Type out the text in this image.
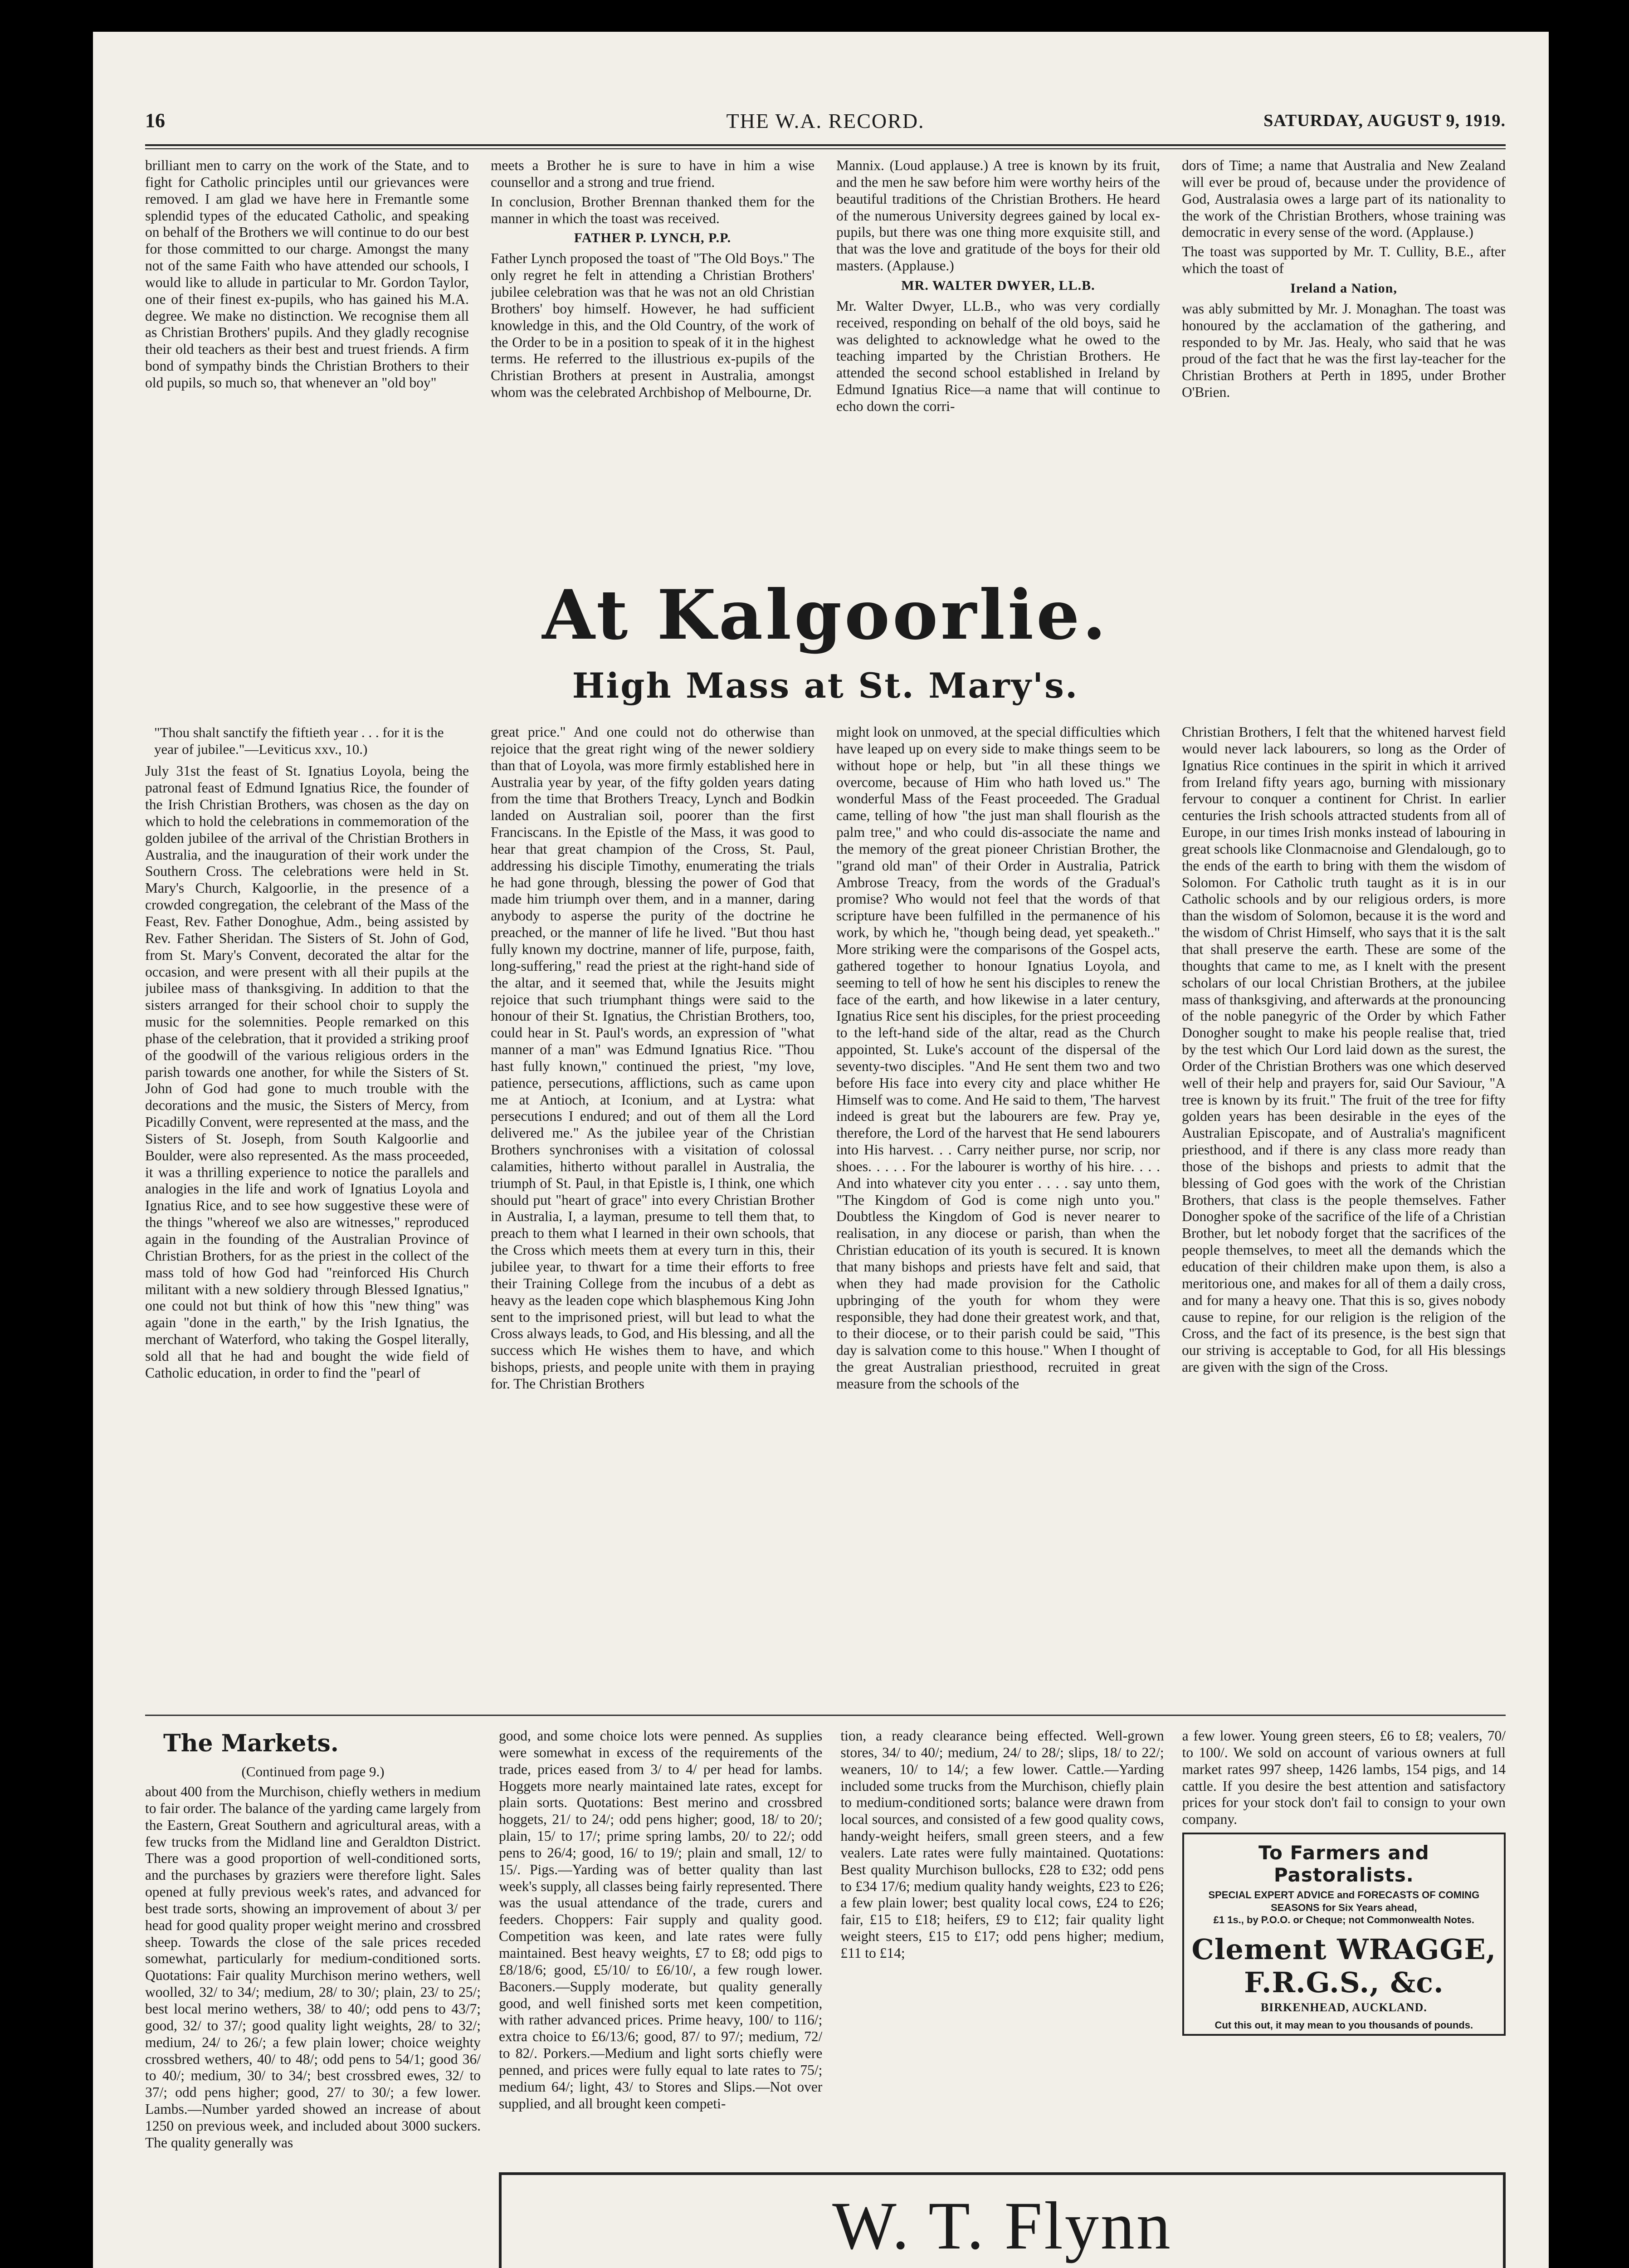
16	THE W.A. RECORD.	SATURDAY, AUGUST 9, 1919.

brilliant men to carry on the work of the State, and to fight for Catholic principles until our grievances were removed. I am glad we have here in Fremantle some splendid types of the educated Catholic, and speaking on behalf of the Brothers we will continue to do our best for those committed to our charge. Amongst the many not of the same Faith who have attended our schools, I would like to allude in particular to Mr. Gordon Taylor, one of their finest ex-pupils, who has gained his M.A. degree. We make no distinction. We recognise them all as Christian Brothers' pupils. And they gladly recognise their old teachers as their best and truest friends. A firm bond of sympathy binds the Christian Brothers to their old pupils, so much so, that whenever an "old boy"

meets a Brother he is sure to have in him a wise counsellor and a strong and true friend.

In conclusion, Brother Brennan thanked them for the manner in which the toast was received.

FATHER P. LYNCH, P.P.

Father Lynch proposed the toast of "The Old Boys." The only regret he felt in attending a Christian Brothers' jubilee celebration was that he was not an old Christian Brothers' boy himself. However, he had sufficient knowledge in this, and the Old Country, of the work of the Order to be in a position to speak of it in the highest terms. He referred to the illustrious ex-pupils of the Christian Brothers at present in Australia, amongst whom was the celebrated Archbishop of Melbourne, Dr.

Mannix. (Loud applause.) A tree is known by its fruit, and the men he saw before him were worthy heirs of the beautiful traditions of the Christian Brothers. He heard of the numerous University degrees gained by local ex-pupils, but there was one thing more exquisite still, and that was the love and gratitude of the boys for their old masters. (Applause.)

MR. WALTER DWYER, LL.B.

Mr. Walter Dwyer, LL.B., who was very cordially received, responding on behalf of the old boys, said he was delighted to acknowledge what he owed to the teaching imparted by the Christian Brothers. He attended the second school established in Ireland by Edmund Ignatius Rice—a name that will continue to echo down the corri-

dors of Time; a name that Australia and New Zealand will ever be proud of, because under the providence of God, Australasia owes a large part of its nationality to the work of the Christian Brothers, whose training was democratic in every sense of the word. (Applause.)

The toast was supported by Mr. T. Cullity, B.E., after which the toast of

Ireland a Nation,

was ably submitted by Mr. J. Monaghan. The toast was honoured by the acclamation of the gathering, and responded to by Mr. Jas. Healy, who said that he was proud of the fact that he was the first lay-teacher for the Christian Brothers at Perth in 1895, under Brother O'Brien.

At Kalgoorlie.
High Mass at St. Mary's.

"Thou shalt sanctify the fiftieth year . . . for it is the year of jubilee."—Leviticus xxv., 10.)

July 31st the feast of St. Ignatius Loyola, being the patronal feast of Edmund Ignatius Rice, the founder of the Irish Christian Brothers, was chosen as the day on which to hold the celebrations in commemoration of the golden jubilee of the arrival of the Christian Brothers in Australia, and the inauguration of their work under the Southern Cross. The celebrations were held in St. Mary's Church, Kalgoorlie, in the presence of a crowded congregation, the celebrant of the Mass of the Feast, Rev. Father Donoghue, Adm., being assisted by Rev. Father Sheridan. The Sisters of St. John of God, from St. Mary's Convent, decorated the altar for the occasion, and were present with all their pupils at the jubilee mass of thanksgiving. In addition to that the sisters arranged for their school choir to supply the music for the solemnities. People remarked on this phase of the celebration, that it provided a striking proof of the goodwill of the various religious orders in the parish towards one another, for while the Sisters of St. John of God had gone to much trouble with the decorations and the music, the Sisters of Mercy, from Picadilly Convent, were represented at the mass, and the Sisters of St. Joseph, from South Kalgoorlie and Boulder, were also represented. As the mass proceeded, it was a thrilling experience to notice the parallels and analogies in the life and work of Ignatius Loyola and Ignatius Rice, and to see how suggestive these were of the things "whereof we also are witnesses," reproduced again in the founding of the Australian Province of Christian Brothers, for as the priest in the collect of the mass told of how God had "reinforced His Church militant with a new soldiery through Blessed Ignatius," one could not but think of how this "new thing" was again "done in the earth," by the Irish Ignatius, the merchant of Waterford, who taking the Gospel literally, sold all that he had and bought the wide field of Catholic education, in order to find the "pearl of

great price." And one could not do otherwise than rejoice that the great right wing of the newer soldiery than that of Loyola, was more firmly established here in Australia year by year, of the fifty golden years dating from the time that Brothers Treacy, Lynch and Bodkin landed on Australian soil, poorer than the first Franciscans. In the Epistle of the Mass, it was good to hear that great champion of the Cross, St. Paul, addressing his disciple Timothy, enumerating the trials he had gone through, blessing the power of God that made him triumph over them, and in a manner, daring anybody to asperse the purity of the doctrine he preached, or the manner of life he lived. "But thou hast fully known my doctrine, manner of life, purpose, faith, long-suffering," read the priest at the right-hand side of the altar, and it seemed that, while the Jesuits might rejoice that such triumphant things were said to the honour of their St. Ignatius, the Christian Brothers, too, could hear in St. Paul's words, an expression of "what manner of a man" was Edmund Ignatius Rice. "Thou hast fully known," continued the priest, "my love, patience, persecutions, afflictions, such as came upon me at Antioch, at Iconium, and at Lystra: what persecutions I endured; and out of them all the Lord delivered me." As the jubilee year of the Christian Brothers synchronises with a visitation of colossal calamities, hitherto without parallel in Australia, the triumph of St. Paul, in that Epistle is, I think, one which should put "heart of grace" into every Christian Brother in Australia, I, a layman, presume to tell them that, to preach to them what I learned in their own schools, that the Cross which meets them at every turn in this, their jubilee year, to thwart for a time their efforts to free their Training College from the incubus of a debt as heavy as the leaden cope which blasphemous King John sent to the imprisoned priest, will but lead to what the Cross always leads, to God, and His blessing, and all the success which He wishes them to have, and which bishops, priests, and people unite with them in praying for. The Christian Brothers

might look on unmoved, at the special difficulties which have leaped up on every side to make things seem to be without hope or help, but "in all these things we overcome, because of Him who hath loved us." The wonderful Mass of the Feast proceeded. The Gradual came, telling of how "the just man shall flourish as the palm tree," and who could dis-associate the name and the memory of the great pioneer Christian Brother, the "grand old man" of their Order in Australia, Patrick Ambrose Treacy, from the words of the Gradual's promise? Who would not feel that the words of that scripture have been fulfilled in the permanence of his work, by which he, "though being dead, yet speaketh.." More striking were the comparisons of the Gospel acts, gathered together to honour Ignatius Loyola, and seeming to tell of how he sent his disciples to renew the face of the earth, and how likewise in a later century, Ignatius Rice sent his disciples, for the priest proceeding to the left-hand side of the altar, read as the Church appointed, St. Luke's account of the dispersal of the seventy-two disciples. "And He sent them two and two before His face into every city and place whither He Himself was to come. And He said to them, 'The harvest indeed is great but the labourers are few. Pray ye, therefore, the Lord of the harvest that He send labourers into His harvest. . . Carry neither purse, nor scrip, nor shoes. . . . . For the labourer is worthy of his hire. . . . And into whatever city you enter . . . . say unto them, "The Kingdom of God is come nigh unto you." Doubtless the Kingdom of God is never nearer to realisation, in any diocese or parish, than when the Christian education of its youth is secured. It is known that many bishops and priests have felt and said, that when they had made provision for the Catholic upbringing of the youth for whom they were responsible, they had done their greatest work, and that, to their diocese, or to their parish could be said, "This day is salvation come to this house." When I thought of the great Australian priesthood, recruited in great measure from the schools of the

Christian Brothers, I felt that the whitened harvest field would never lack labourers, so long as the Order of Ignatius Rice continues in the spirit in which it arrived from Ireland fifty years ago, burning with missionary fervour to conquer a continent for Christ. In earlier centuries the Irish schools attracted students from all of Europe, in our times Irish monks instead of labouring in great schools like Clonmacnoise and Glendalough, go to the ends of the earth to bring with them the wisdom of Solomon. For Catholic truth taught as it is in our Catholic schools and by our religious orders, is more than the wisdom of Solomon, because it is the word and the wisdom of Christ Himself, who says that it is the salt that shall preserve the earth. These are some of the thoughts that came to me, as I knelt with the present scholars of our local Christian Brothers, at the jubilee mass of thanksgiving, and afterwards at the pronouncing of the noble panegyric of the Order by which Father Donogher sought to make his people realise that, tried by the test which Our Lord laid down as the surest, the Order of the Christian Brothers was one which deserved well of their help and prayers for, said Our Saviour, "A tree is known by its fruit." The fruit of the tree for fifty golden years has been desirable in the eyes of the Australian Episcopate, and of Australia's magnificent priesthood, and if there is any class more ready than those of the bishops and priests to admit that the blessing of God goes with the work of the Christian Brothers, that class is the people themselves. Father Donogher spoke of the sacrifice of the life of a Christian Brother, but let nobody forget that the sacrifices of the people themselves, to meet all the demands which the education of their children make upon them, is also a meritorious one, and makes for all of them a daily cross, and for many a heavy one. That this is so, gives nobody cause to repine, for our religion is the religion of the Cross, and the fact of its presence, is the best sign that our striving is acceptable to God, for all His blessings are given with the sign of the Cross.

The Markets.
(Continued from page 9.)

about 400 from the Murchison, chiefly wethers in medium to fair order. The balance of the yarding came largely from the Eastern, Great Southern and agricultural areas, with a few trucks from the Midland line and Geraldton District. There was a good proportion of well-conditioned sorts, and the purchases by graziers were therefore light. Sales opened at fully previous week's rates, and advanced for best trade sorts, showing an improvement of about 3/ per head for good quality proper weight merino and crossbred sheep. Towards the close of the sale prices receded somewhat, particularly for medium-conditioned sorts. Quotations: Fair quality Murchison merino wethers, well woolled, 32/ to 34/; medium, 28/ to 30/; plain, 23/ to 25/; best local merino wethers, 38/ to 40/; odd pens to 43/7; good, 32/ to 37/; good quality light weights, 28/ to 32/; medium, 24/ to 26/; a few plain lower; choice weighty crossbred wethers, 40/ to 48/; odd pens to 54/1; good 36/ to 40/; medium, 30/ to 34/; best crossbred ewes, 32/ to 37/; odd pens higher; good, 27/ to 30/; a few lower. Lambs.—Number yarded showed an increase of about 1250 on previous week, and included about 3000 suckers. The quality generally was

good, and some choice lots were penned. As supplies were somewhat in excess of the requirements of the trade, prices eased from 3/ to 4/ per head for lambs. Hoggets more nearly maintained late rates, except for plain sorts. Quotations: Best merino and crossbred hoggets, 21/ to 24/; odd pens higher; good, 18/ to 20/; plain, 15/ to 17/; prime spring lambs, 20/ to 22/; odd pens to 26/4; good, 16/ to 19/; plain and small, 12/ to 15/. Pigs.—Yarding was of better quality than last week's supply, all classes being fairly represented. There was the usual attendance of the trade, curers and feeders. Choppers: Fair supply and quality good. Competition was keen, and late rates were fully maintained. Best heavy weights, £7 to £8; odd pigs to £8/18/6; good, £5/10/ to £6/10/, a few rough lower. Baconers.—Supply moderate, but quality generally good, and well finished sorts met keen competition, with rather advanced prices. Prime heavy, 100/ to 116/; extra choice to £6/13/6; good, 87/ to 97/; medium, 72/ to 82/. Porkers.—Medium and light sorts chiefly were penned, and prices were fully equal to late rates to 75/; medium 64/; light, 43/ to Stores and Slips.—Not over supplied, and all brought keen competi-

tion, a ready clearance being effected. Well-grown stores, 34/ to 40/; medium, 24/ to 28/; slips, 18/ to 22/; weaners, 10/ to 14/; a few lower. Cattle.—Yarding included some trucks from the Murchison, chiefly plain to medium-conditioned sorts; balance were drawn from local sources, and consisted of a few good quality cows, handy-weight heifers, small green steers, and a few vealers. Late rates were fully maintained. Quotations: Best quality Murchison bullocks, £28 to £32; odd pens to £34 17/6; medium quality handy weights, £23 to £26; a few plain lower; best quality local cows, £24 to £26; fair, £15 to £18; heifers, £9 to £12; fair quality light weight steers, £15 to £17; odd pens higher; medium, £11 to £14;

a few lower. Young green steers, £6 to £8; vealers, 70/ to 100/. We sold on account of various owners at full market rates 997 sheep, 1426 lambs, 154 pigs, and 14 cattle. If you desire the best attention and satisfactory prices for your stock don't fail to consign to your own company.

To Farmers and Pastoralists.
SPECIAL EXPERT ADVICE and FORECASTS OF COMING SEASONS for Six Years ahead,
£1 1s., by P.O.O. or Cheque; not Commonwealth Notes.
Clement WRAGGE, F.R.G.S., &c.
BIRKENHEAD, AUCKLAND.
Cut this out, it may mean to you thousands of pounds.
W. T. Flynn
